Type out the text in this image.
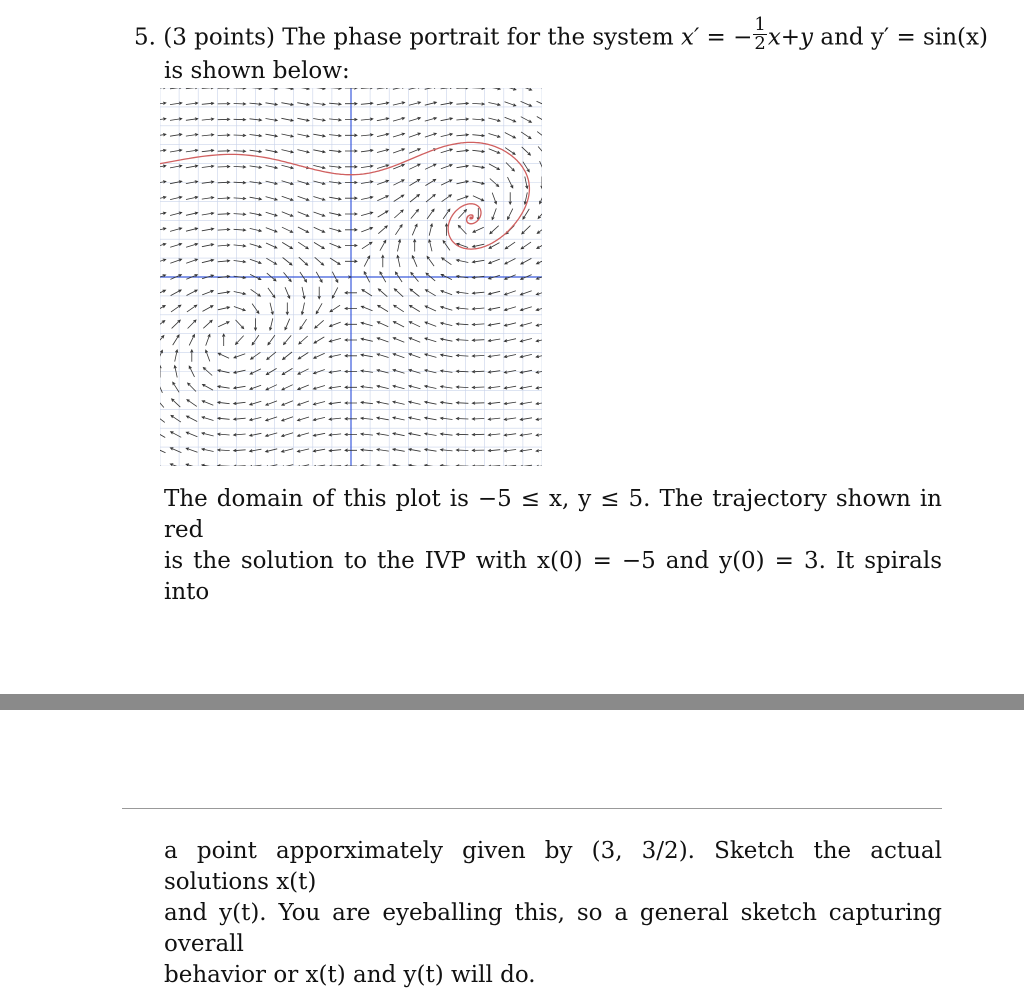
5. (3 points) The phase portrait for the system x′ = − $\frac{1}{2} x+y$ and y′ = sin(x)
is shown below:
The domain of this plot is −5 ≤ x, y ≤ 5. The trajectory shown in red
is the solution to the IVP with x(0) = −5 and y(0) = 3. It spirals into
a point apporximately given by (3, 3/2). Sketch the actual solutions x(t)
and y(t). You are eyeballing this, so a general sketch capturing overall
behavior or x(t) and y(t) will do.
